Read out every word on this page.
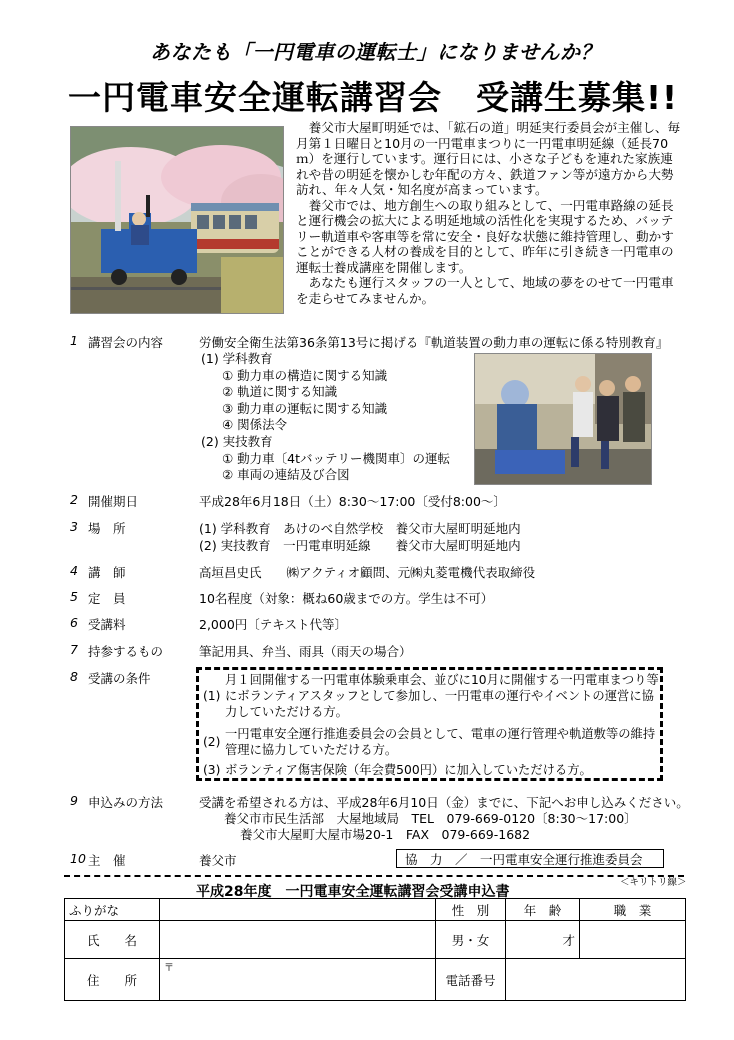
あなたも「一円電車の運転士」になりませんか？
一円電車安全運転講習会　受講生募集!!

養父市大屋町明延では、「鉱石の道」明延実行委員会が主催し、毎月第１日曜日と10月の一円電車まつりに一円電車明延線（延長70ｍ）を運行しています。運行日には、小さな子どもを連れた家族連れや昔の明延を懐かしむ年配の方々、鉄道ファン等が遠方から大勢訪れ、年々人気・知名度が高まっています。

養父市では、地方創生への取り組みとして、一円電車路線の延長と運行機会の拡大による明延地域の活性化を実現するため、バッテリー軌道車や客車等を常に安全・良好な状態に維持管理し、動かすことができる人材の養成を目的として、昨年に引き続き一円電車の運転士養成講座を開催します。

あなたも運行スタッフの一人として、地域の夢をのせて一円電車を走らせてみませんか。

1 講習会の内容	労働安全衛生法第36条第13号に掲げる『軌道装置の動力車の運転に係る特別教育』
(1) 学科教育
① 動力車の構造に関する知識
② 軌道に関する知識
③ 動力車の運転に関する知識
④ 関係法令
(2) 実技教育
① 動力車〔4tバッテリー機関車〕の運転
② 車両の連結及び合図
2 開催期日	平成28年6月18日（土）8:30～17:00〔受付8:00～〕
3 場　所	(1) 学科教育　あけのべ自然学校　養父市大屋町明延地内
(2) 実技教育　一円電車明延線　　養父市大屋町明延地内
4 講　師	高垣昌史氏　　㈱アクティオ顧問、元㈱丸菱電機代表取締役
5 定　員	10名程度（対象：概ね60歳までの方。学生は不可）
6 受講料	2,000円〔テキスト代等〕
7 持参するもの	筆記用具、弁当、雨具（雨天の場合）
8 受講の条件
(1)
月１回開催する一円電車体験乗車会、並びに10月に開催する一円電車まつり等にボランティアスタッフとして参加し、一円電車の運行やイベントの運営に協力していただける方。
(2)
一円電車安全運行推進委員会の会員として、電車の運行管理や軌道敷等の維持管理に協力していただける方。
(3) ボランティア傷害保険（年会費500円）に加入していただける方。
9 申込みの方法	受講を希望される方は、平成28年6月10日（金）までに、下記へお申し込みください。
養父市市民生活部　大屋地域局　TEL　079-669-0120〔8:30～17:00〕
養父市大屋町大屋市場20-1　FAX　079-669-1682
10 主　催	養父市	協　力　／　一円電車安全運行推進委員会
＜キリトリ線＞
平成28年度　一円電車安全運転講習会受講申込書
ふりがな		性　別	年　齢	職　業
氏　　名		男・女	才	
住　　所	〒	電話番号		
